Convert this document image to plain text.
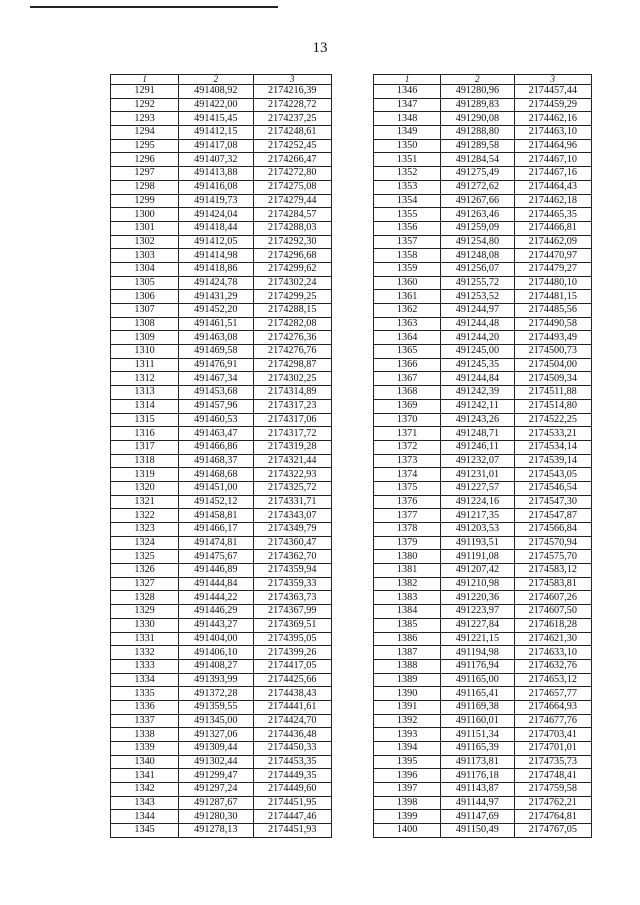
13
1	2	3
1291	491408,92	2174216,39
1292	491422,00	2174228,72
1293	491415,45	2174237,25
1294	491412,15	2174248,61
1295	491417,08	2174252,45
1296	491407,32	2174266,47
1297	491413,88	2174272,80
1298	491416,08	2174275,08
1299	491419,73	2174279,44
1300	491424,04	2174284,57
1301	491418,44	2174288,03
1302	491412,05	2174292,30
1303	491414,98	2174296,68
1304	491418,86	2174299,62
1305	491424,78	2174302,24
1306	491431,29	2174299,25
1307	491452,20	2174288,15
1308	491461,51	2174282,08
1309	491463,08	2174276,36
1310	491469,58	2174276,76
1311	491476,91	2174298,87
1312	491467,34	2174302,25
1313	491453,68	2174314,89
1314	491457,96	2174317,23
1315	491460,53	2174317,06
1316	491463,47	2174317,72
1317	491466,86	2174319,28
1318	491468,37	2174321,44
1319	491468,68	2174322,93
1320	491451,00	2174325,72
1321	491452,12	2174331,71
1322	491458,81	2174343,07
1323	491466,17	2174349,79
1324	491474,81	2174360,47
1325	491475,67	2174362,70
1326	491446,89	2174359,94
1327	491444,84	2174359,33
1328	491444,22	2174363,73
1329	491446,29	2174367,99
1330	491443,27	2174369,51
1331	491404,00	2174395,05
1332	491406,10	2174399,26
1333	491408,27	2174417,05
1334	491393,99	2174425,66
1335	491372,28	2174438,43
1336	491359,55	2174441,61
1337	491345,00	2174424,70
1338	491327,06	2174436,48
1339	491309,44	2174450,33
1340	491302,44	2174453,35
1341	491299,47	2174449,35
1342	491297,24	2174449,60
1343	491287,67	2174451,95
1344	491280,30	2174447,46
1345	491278,13	2174451,93
1	2	3
1346	491280,96	2174457,44
1347	491289,83	2174459,29
1348	491290,08	2174462,16
1349	491288,80	2174463,10
1350	491289,58	2174464,96
1351	491284,54	2174467,10
1352	491275,49	2174467,16
1353	491272,62	2174464,43
1354	491267,66	2174462,18
1355	491263,46	2174465,35
1356	491259,09	2174466,81
1357	491254,80	2174462,09
1358	491248,08	2174470,97
1359	491256,07	2174479,27
1360	491255,72	2174480,10
1361	491253,52	2174481,15
1362	491244,97	2174485,56
1363	491244,48	2174490,58
1364	491244,20	2174493,49
1365	491245,00	2174500,73
1366	491245,35	2174504,00
1367	491244,84	2174509,34
1368	491242,39	2174511,88
1369	491242,11	2174514,80
1370	491243,26	2174522,25
1371	491248,71	2174533,21
1372	491246,11	2174534,14
1373	491232,07	2174539,14
1374	491231,01	2174543,05
1375	491227,57	2174546,54
1376	491224,16	2174547,30
1377	491217,35	2174547,87
1378	491203,53	2174566,84
1379	491193,51	2174570,94
1380	491191,08	2174575,70
1381	491207,42	2174583,12
1382	491210,98	2174583,81
1383	491220,36	2174607,26
1384	491223,97	2174607,50
1385	491227,84	2174618,28
1386	491221,15	2174621,30
1387	491194,98	2174633,10
1388	491176,94	2174632,76
1389	491165,00	2174653,12
1390	491165,41	2174657,77
1391	491169,38	2174664,93
1392	491160,01	2174677,76
1393	491151,34	2174703,41
1394	491165,39	2174701,01
1395	491173,81	2174735,73
1396	491176,18	2174748,41
1397	491143,87	2174759,58
1398	491144,97	2174762,21
1399	491147,69	2174764,81
1400	491150,49	2174767,05
